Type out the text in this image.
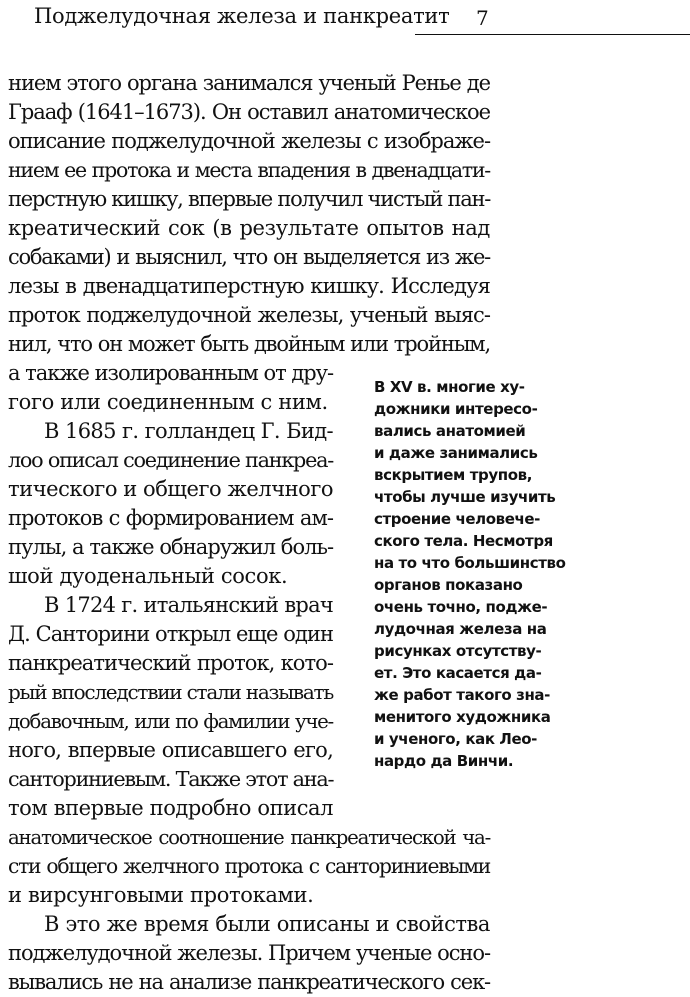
Поджелудочная железа и панкреатит 7
нием этого органа занимался ученый Ренье де
Грааф (1641–1673). Он оставил анатомическое
описание поджелудочной железы с изображе-
нием ее протока и места впадения в двенадцати-
перстную кишку, впервые получил чистый пан-
креатический сок (в результате опытов над
собаками) и выяснил, что он выделяется из же-
лезы в двенадцатиперстную кишку. Исследуя
проток поджелудочной железы, ученый выяс-
нил, что он может быть двойным или тройным,
а также изолированным от дру-
гого или соединенным с ним.
В 1685 г. голландец Г. Бид-
лоо описал соединение панкреа-
тического и общего желчного
протоков с формированием ам-
пулы, а также обнаружил боль-
шой дуоденальный сосок.
В 1724 г. итальянский врач
Д. Санторини открыл еще один
панкреатический проток, кото-
рый впоследствии стали называть
добавочным, или по фамилии уче-
ного, впервые описавшего его,
санториниевым. Также этот ана-
том впервые подробно описал
анатомическое соотношение панкреатической ча-
сти общего желчного протока с санториниевыми
и вирсунговыми протоками.
В это же время были описаны и свойства
поджелудочной железы. Причем ученые осно-
вывались не на анализе панкреатического сек-
В XV в. многие ху-
дожники интересо-
вались анатомией
и даже занимались
вскрытием трупов,
чтобы лучше изучить
строение человече-
ского тела. Несмотря
на то что большинство
органов показано
очень точно, подже-
лудочная железа на
рисунках отсутству-
ет. Это касается да-
же работ такого зна-
менитого художника
и ученого, как Лео-
нардо да Винчи.
